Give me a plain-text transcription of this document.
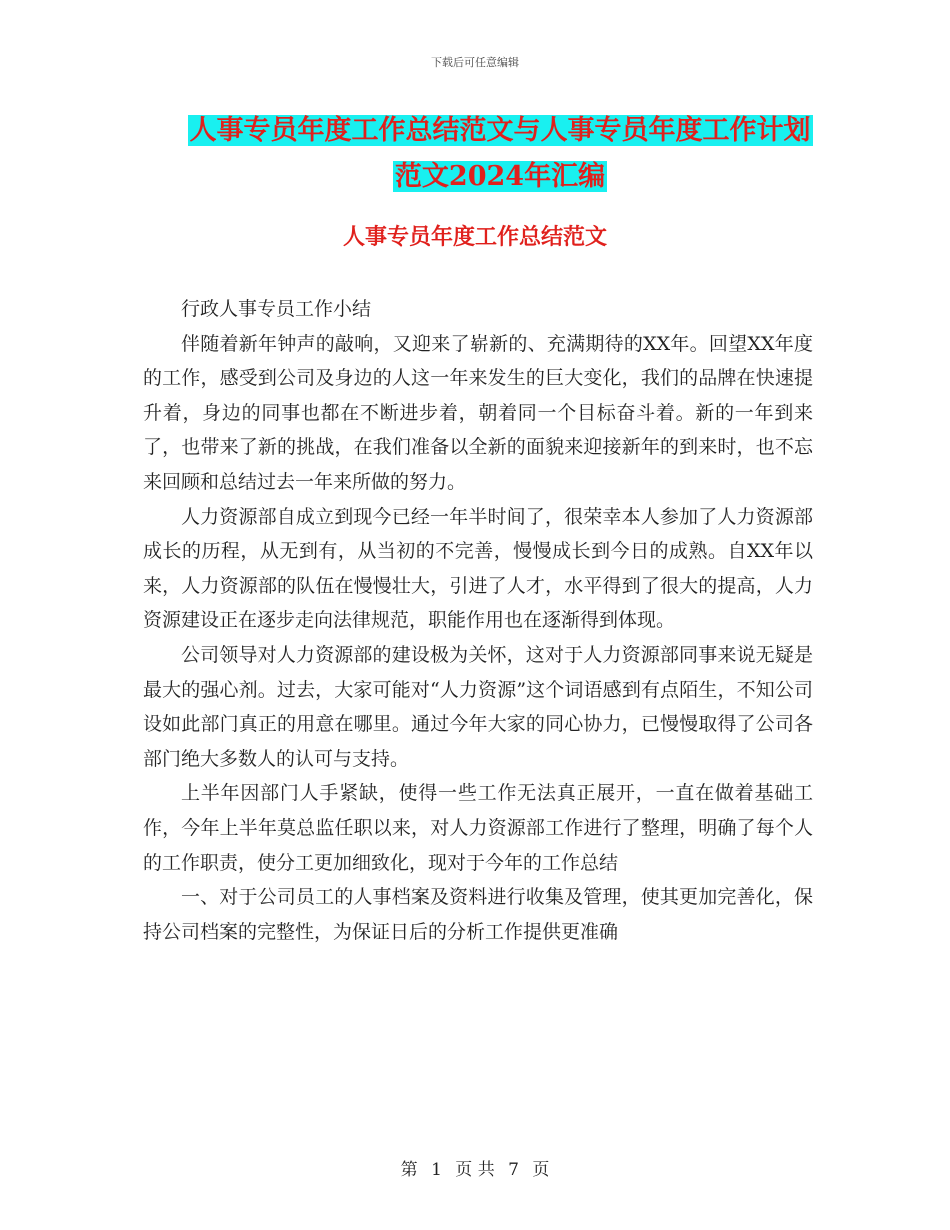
下载后可任意编辑
人事专员年度工作总结范文与人事专员年度工作计划
范文2024年汇编
人事专员年度工作总结范文

行政人事专员工作小结

伴随着新年钟声的敲响，又迎来了崭新的、充满期待的XX年。回望XX年度的工作，感受到公司及身边的人这一年来发生的巨大变化，我们的品牌在快速提升着，身边的同事也都在不断进步着，朝着同一个目标奋斗着。新的一年到来了，也带来了新的挑战，在我们准备以全新的面貌来迎接新年的到来时，也不忘来回顾和总结过去一年来所做的努力。

人力资源部自成立到现今已经一年半时间了，很荣幸本人参加了人力资源部成长的历程，从无到有，从当初的不完善，慢慢成长到今日的成熟。自XX年以来，人力资源部的队伍在慢慢壮大，引进了人才，水平得到了很大的提高，人力资源建设正在逐步走向法律规范，职能作用也在逐渐得到体现。

公司领导对人力资源部的建设极为关怀，这对于人力资源部同事来说无疑是最大的强心剂。过去，大家可能对“人力资源”这个词语感到有点陌生，不知公司设如此部门真正的用意在哪里。通过今年大家的同心协力，已慢慢取得了公司各部门绝大多数人的认可与支持。

上半年因部门人手紧缺，使得一些工作无法真正展开，一直在做着基础工作，今年上半年莫总监任职以来，对人力资源部工作进行了整理，明确了每个人的工作职责，使分工更加细致化，现对于今年的工作总结

一、对于公司员工的人事档案及资料进行收集及管理，使其更加完善化，保持公司档案的完整性，为保证日后的分析工作提供更准确

第 1 页 共 7 页
